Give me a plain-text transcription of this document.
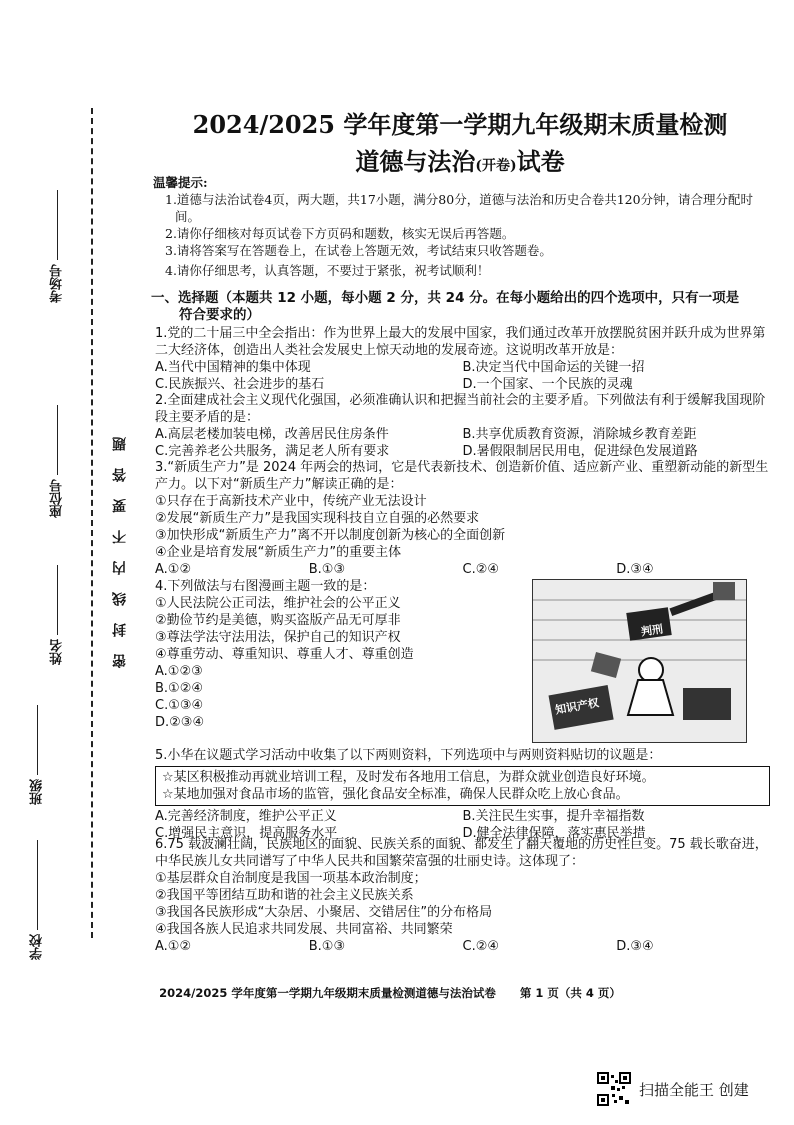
考场号
座位号
姓名
班级
学校
密封线内不要答题
2024/2025 学年度第一学期九年级期末质量检测
道德与法治(开卷)试卷
温馨提示:
1.道德与法治试卷4页，两大题，共17小题，满分80分，道德与法治和历史合卷共120分钟，请合理分配时间。
2.请你仔细核对每页试卷下方页码和题数，核实无误后再答题。
3.请将答案写在答题卷上，在试卷上答题无效，考试结束只收答题卷。
4.请你仔细思考，认真答题，不要过于紧张，祝考试顺利！
一、选择题（本题共 12 小题，每小题 2 分，共 24 分。在每小题给出的四个选项中，只有一项是
符合要求的）

1.党的二十届三中全会指出：作为世界上最大的发展中国家，我们通过改革开放摆脱贫困并跃升成为世界第二大经济体，创造出人类社会发展史上惊天动地的发展奇迹。这说明改革开放是：

A.当代中国精神的集中体现	B.决定当代中国命运的关键一招
C.民族振兴、社会进步的基石	D.一个国家、一个民族的灵魂

2.全面建成社会主义现代化强国，必须准确认识和把握当前社会的主要矛盾。下列做法有利于缓解我国现阶段主要矛盾的是：

A.高层老楼加装电梯，改善居民住房条件	B.共享优质教育资源，消除城乡教育差距
C.完善养老公共服务，满足老人所有要求	D.暑假限制居民用电，促进绿色发展道路

3.“新质生产力”是 2024 年两会的热词，它是代表新技术、创造新价值、适应新产业、重塑新动能的新型生产力。以下对“新质生产力”解读正确的是：

①只存在于高新技术产业中，传统产业无法设计
②发展“新质生产力”是我国实现科技自立自强的必然要求
③加快形成“新质生产力”离不开以制度创新为核心的全面创新
④企业是培育发展“新质生产力”的重要主体
A.①②	B.①③	C.②④	D.③④

4.下列做法与右图漫画主题一致的是：

①人民法院公正司法，维护社会的公平正义
②勤俭节约是美德，购买盗版产品无可厚非
③尊法学法守法用法，保护自己的知识产权
④尊重劳动、尊重知识、尊重人才、尊重创造
A.①②③
B.①②④
C.①③④
D.②③④
判刑
知识产权

5.小华在议题式学习活动中收集了以下两则资料，下列选项中与两则资料贴切的议题是：

☆某区积极推动再就业培训工程，及时发布各地用工信息，为群众就业创造良好环境。
☆某地加强对食品市场的监管，强化食品安全标准，确保人民群众吃上放心食品。
A.完善经济制度，维护公平正义	B.关注民生实事，提升幸福指数
C.增强民主意识，提高服务水平	D.健全法律保障，落实惠民举措

6.75 载波澜壮阔，民族地区的面貌、民族关系的面貌、都发生了翻天覆地的历史性巨变。75 载长歌奋进，中华民族儿女共同谱写了中华人民共和国繁荣富强的壮丽史诗。这体现了：

①基层群众自治制度是我国一项基本政治制度；
②我国平等团结互助和谐的社会主义民族关系
③我国各民族形成“大杂居、小聚居、交错居住”的分布格局
④我国各族人民追求共同发展、共同富裕、共同繁荣
A.①②	B.①③	C.②④	D.③④
2024/2025 学年度第一学期九年级期末质量检测道德与法治试卷 第 1 页（共 4 页）
扫描全能王 创建
